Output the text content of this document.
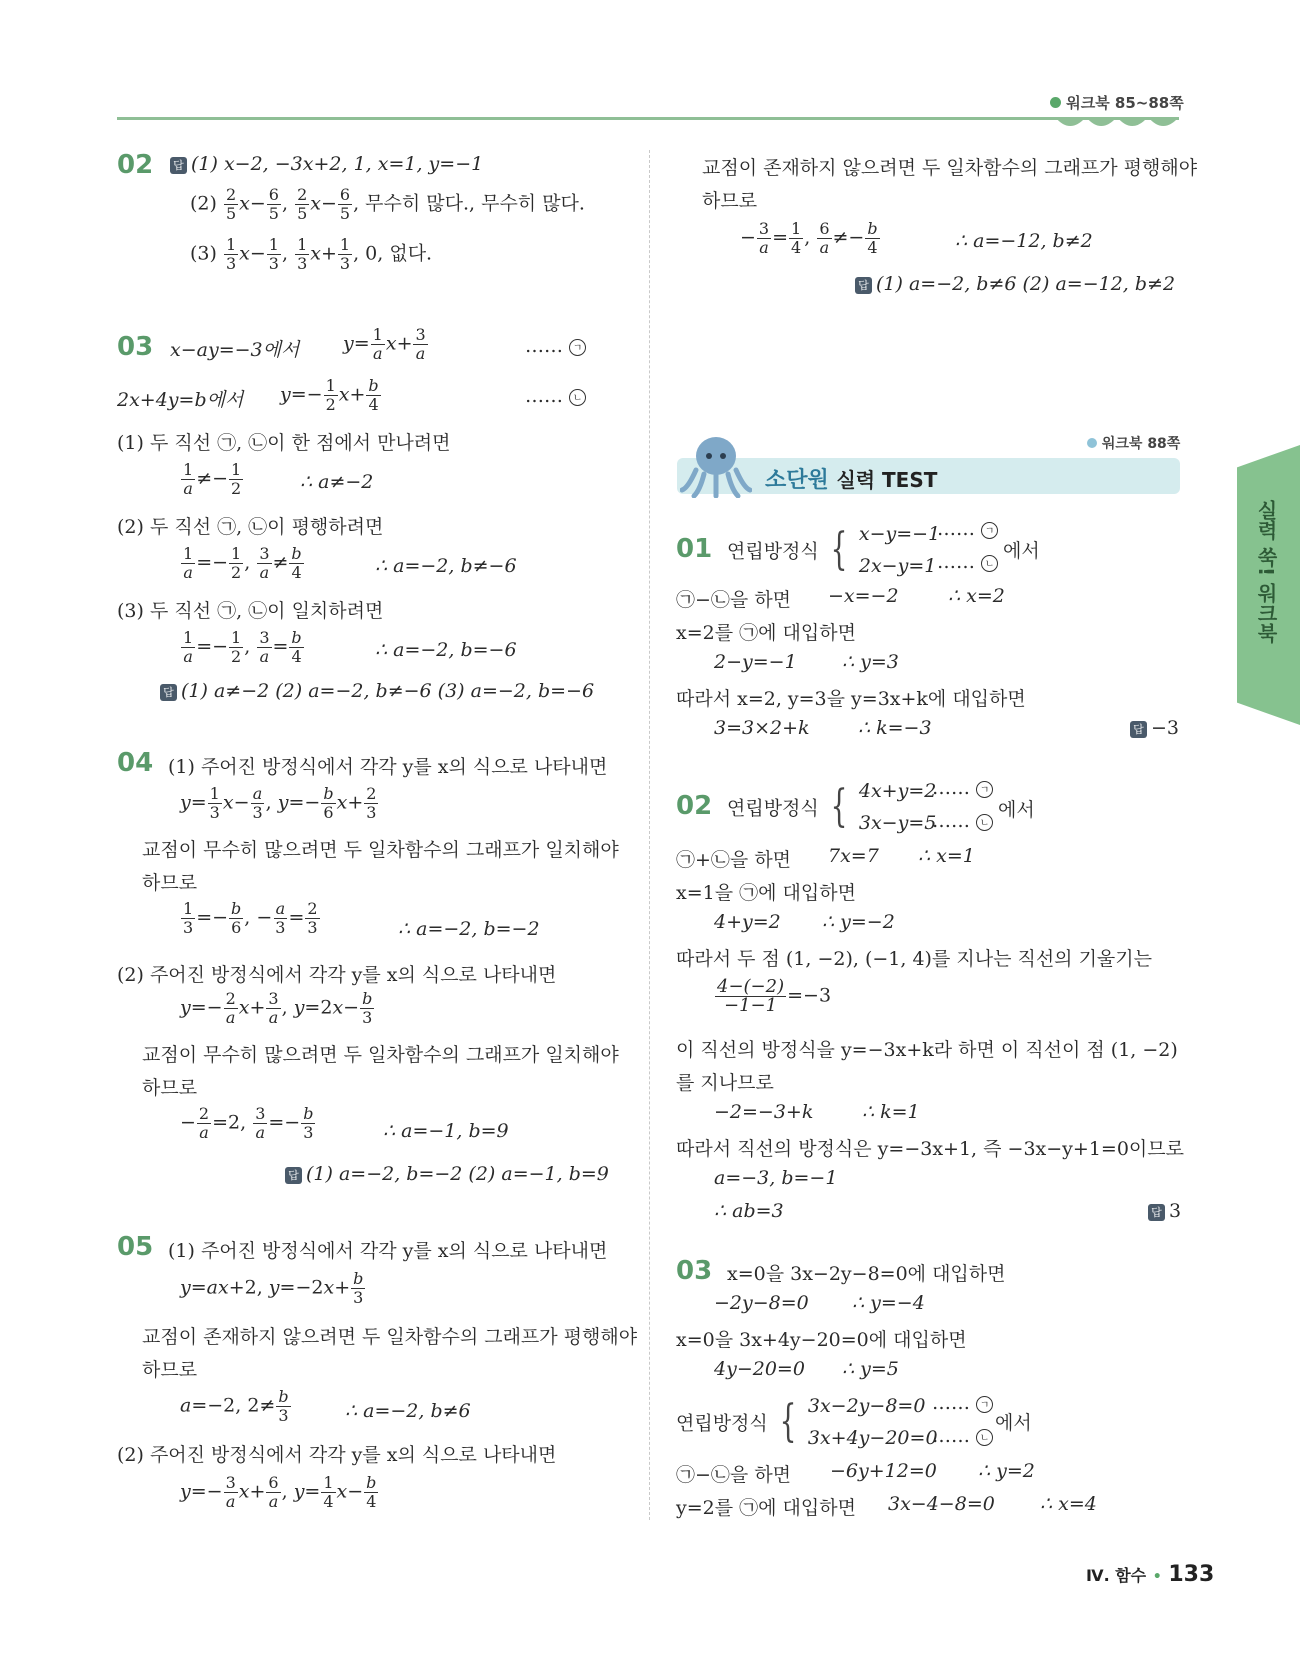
워크북 85~88쪽
실력 쑥! 워크북
02 답 (1) x−2, −3x+2, 1, x=1, y=−1
$(2) \frac{2}{5} x- \frac{6}{5}$ , $\frac{2}{5} x- \frac{6}{5}$ , 무수히 많다., 무수히 많다.
$(3) \frac{1}{3} x- \frac{1}{3}$ , $\frac{1}{3} x+ \frac{1}{3}$ , 0, 없다.
03 x−ay=−3에서 $y= \frac{1}{a} x+ \frac{3}{a}$	…… ㄱ
2x+4y=b에서 $y=- \frac{1}{2} x+ \frac{b}{4}$	…… ㄴ
(1) 두 직선 ㉠, ㉡이 한 점에서 만나려면
$\frac{1}{a} \ne- \frac{1}{2}$	∴ a≠−2
(2) 두 직선 ㉠, ㉡이 평행하려면
$\frac{1}{a} =- \frac{1}{2}$ , $\frac{3}{a} \ne \frac{b}{4}$	∴ a=−2, b≠−6
(3) 두 직선 ㉠, ㉡이 일치하려면
$\frac{1}{a} =- \frac{1}{2}$ , $\frac{3}{a} = \frac{b}{4}$	∴ a=−2, b=−6
답 (1) a≠−2 (2) a=−2, b≠−6 (3) a=−2, b=−6
04 (1) 주어진 방정식에서 각각 y를 x의 식으로 나타내면
$y= \frac{1}{3} x- \frac{a}{3}$ , $y=- \frac{b}{6} x+ \frac{2}{3}$
교점이 무수히 많으려면 두 일차함수의 그래프가 일치해야
하므로
$\frac{1}{3} =- \frac{b}{6}$ , − $\frac{a}{3} = \frac{2}{3}$	∴ a=−2, b=−2
(2) 주어진 방정식에서 각각 y를 x의 식으로 나타내면
$y=- \frac{2}{a} x+ \frac{3}{a}$ , $y=2x- \frac{b}{3}$
교점이 무수히 많으려면 두 일차함수의 그래프가 일치해야
하므로
− $\frac{2}{a} =2$, $\frac{3}{a} =- \frac{b}{3}$	∴ a=−1, b=9
답 (1) a=−2, b=−2 (2) a=−1, b=9
05 (1) 주어진 방정식에서 각각 y를 x의 식으로 나타내면
y=ax+2, $y=-2x+ \frac{b}{3}$
교점이 존재하지 않으려면 두 일차함수의 그래프가 평행해야
하므로
a=−2, $2\ne \frac{b}{3}$	∴ a=−2, b≠6
(2) 주어진 방정식에서 각각 y를 x의 식으로 나타내면
$y=- \frac{3}{a} x+ \frac{6}{a}$ , $y= \frac{1}{4} x- \frac{b}{4}$
교점이 존재하지 않으려면 두 일차함수의 그래프가 평행해야
하므로
− $\frac{3}{a} = \frac{1}{4}$ , $\frac{6}{a} \ne- \frac{b}{4}$	∴ a=−12, b≠2
답 (1) a=−2, b≠6 (2) a=−12, b≠2
워크북 88쪽
소단원 실력 TEST
01 연립방정식 { x−y=−1
2x−y=1
…… ㄱ
…… ㄴ
에서
㉠−㉡을 하면 −x=−2	∴ x=2
x=2를 ㉠에 대입하면
2−y=−1 ∴ y=3
따라서 x=2, y=3을 y=3x+k에 대입하면
3=3×2+k	∴ k=−3	답 −3
02 연립방정식 { 4x+y=2
3x−y=5
…… ㄱ
…… ㄴ
에서
㉠+㉡을 하면 7x=7 ∴ x=1
x=1을 ㉠에 대입하면
4+y=2 ∴ y=−2
따라서 두 점 (1, −2), (−1, 4)를 지나는 직선의 기울기는
$\frac{4-(-2)}{-1-1} =-3$
이 직선의 방정식을 y=−3x+k라 하면 이 직선이 점 (1, −2)
를 지나므로
−2=−3+k	∴ k=1
따라서 직선의 방정식은 y=−3x+1, 즉 −3x−y+1=0이므로
a=−3, b=−1
∴ ab=3	답 3
03 x=0을 3x−2y−8=0에 대입하면
−2y−8=0 ∴ y=−4
x=0을 3x+4y−20=0에 대입하면
4y−20=0 ∴ y=5
연립방정식 { 3x−2y−8=0
3x+4y−20=0
…… ㄱ
…… ㄴ
에서
㉠−㉡을 하면 −6y+12=0 ∴ y=2
y=2를 ㉠에 대입하면 3x−4−8=0 ∴ x=4
Ⅳ. 함수 • 133
